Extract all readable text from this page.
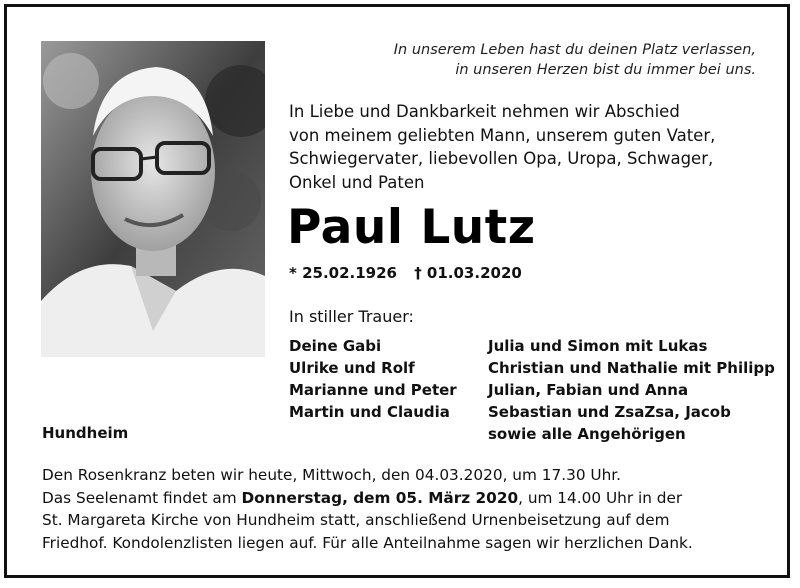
In unserem Leben hast du deinen Platz verlassen,
in unseren Herzen bist du immer bei uns.
In Liebe und Dankbarkeit nehmen wir Abschied
von meinem geliebten Mann, unserem guten Vater,
Schwiegervater, liebevollen Opa, Uropa, Schwager,
Onkel und Paten
Paul Lutz
* 25.02.1926 † 01.03.2020
In stiller Trauer:
Deine Gabi
Ulrike und Rolf
Marianne und Peter
Martin und Claudia
Julia und Simon mit Lukas
Christian und Nathalie mit Philipp
Julian, Fabian und Anna
Sebastian und ZsaZsa, Jacob
sowie alle Angehörigen
Hundheim
Den Rosenkranz beten wir heute, Mittwoch, den 04.03.2020, um 17.30 Uhr.
Das Seelenamt findet am Donnerstag, dem 05. März 2020, um 14.00 Uhr in der
St. Margareta Kirche von Hundheim statt, anschließend Urnenbeisetzung auf dem
Friedhof. Kondolenzlisten liegen auf. Für alle Anteilnahme sagen wir herzlichen Dank.
